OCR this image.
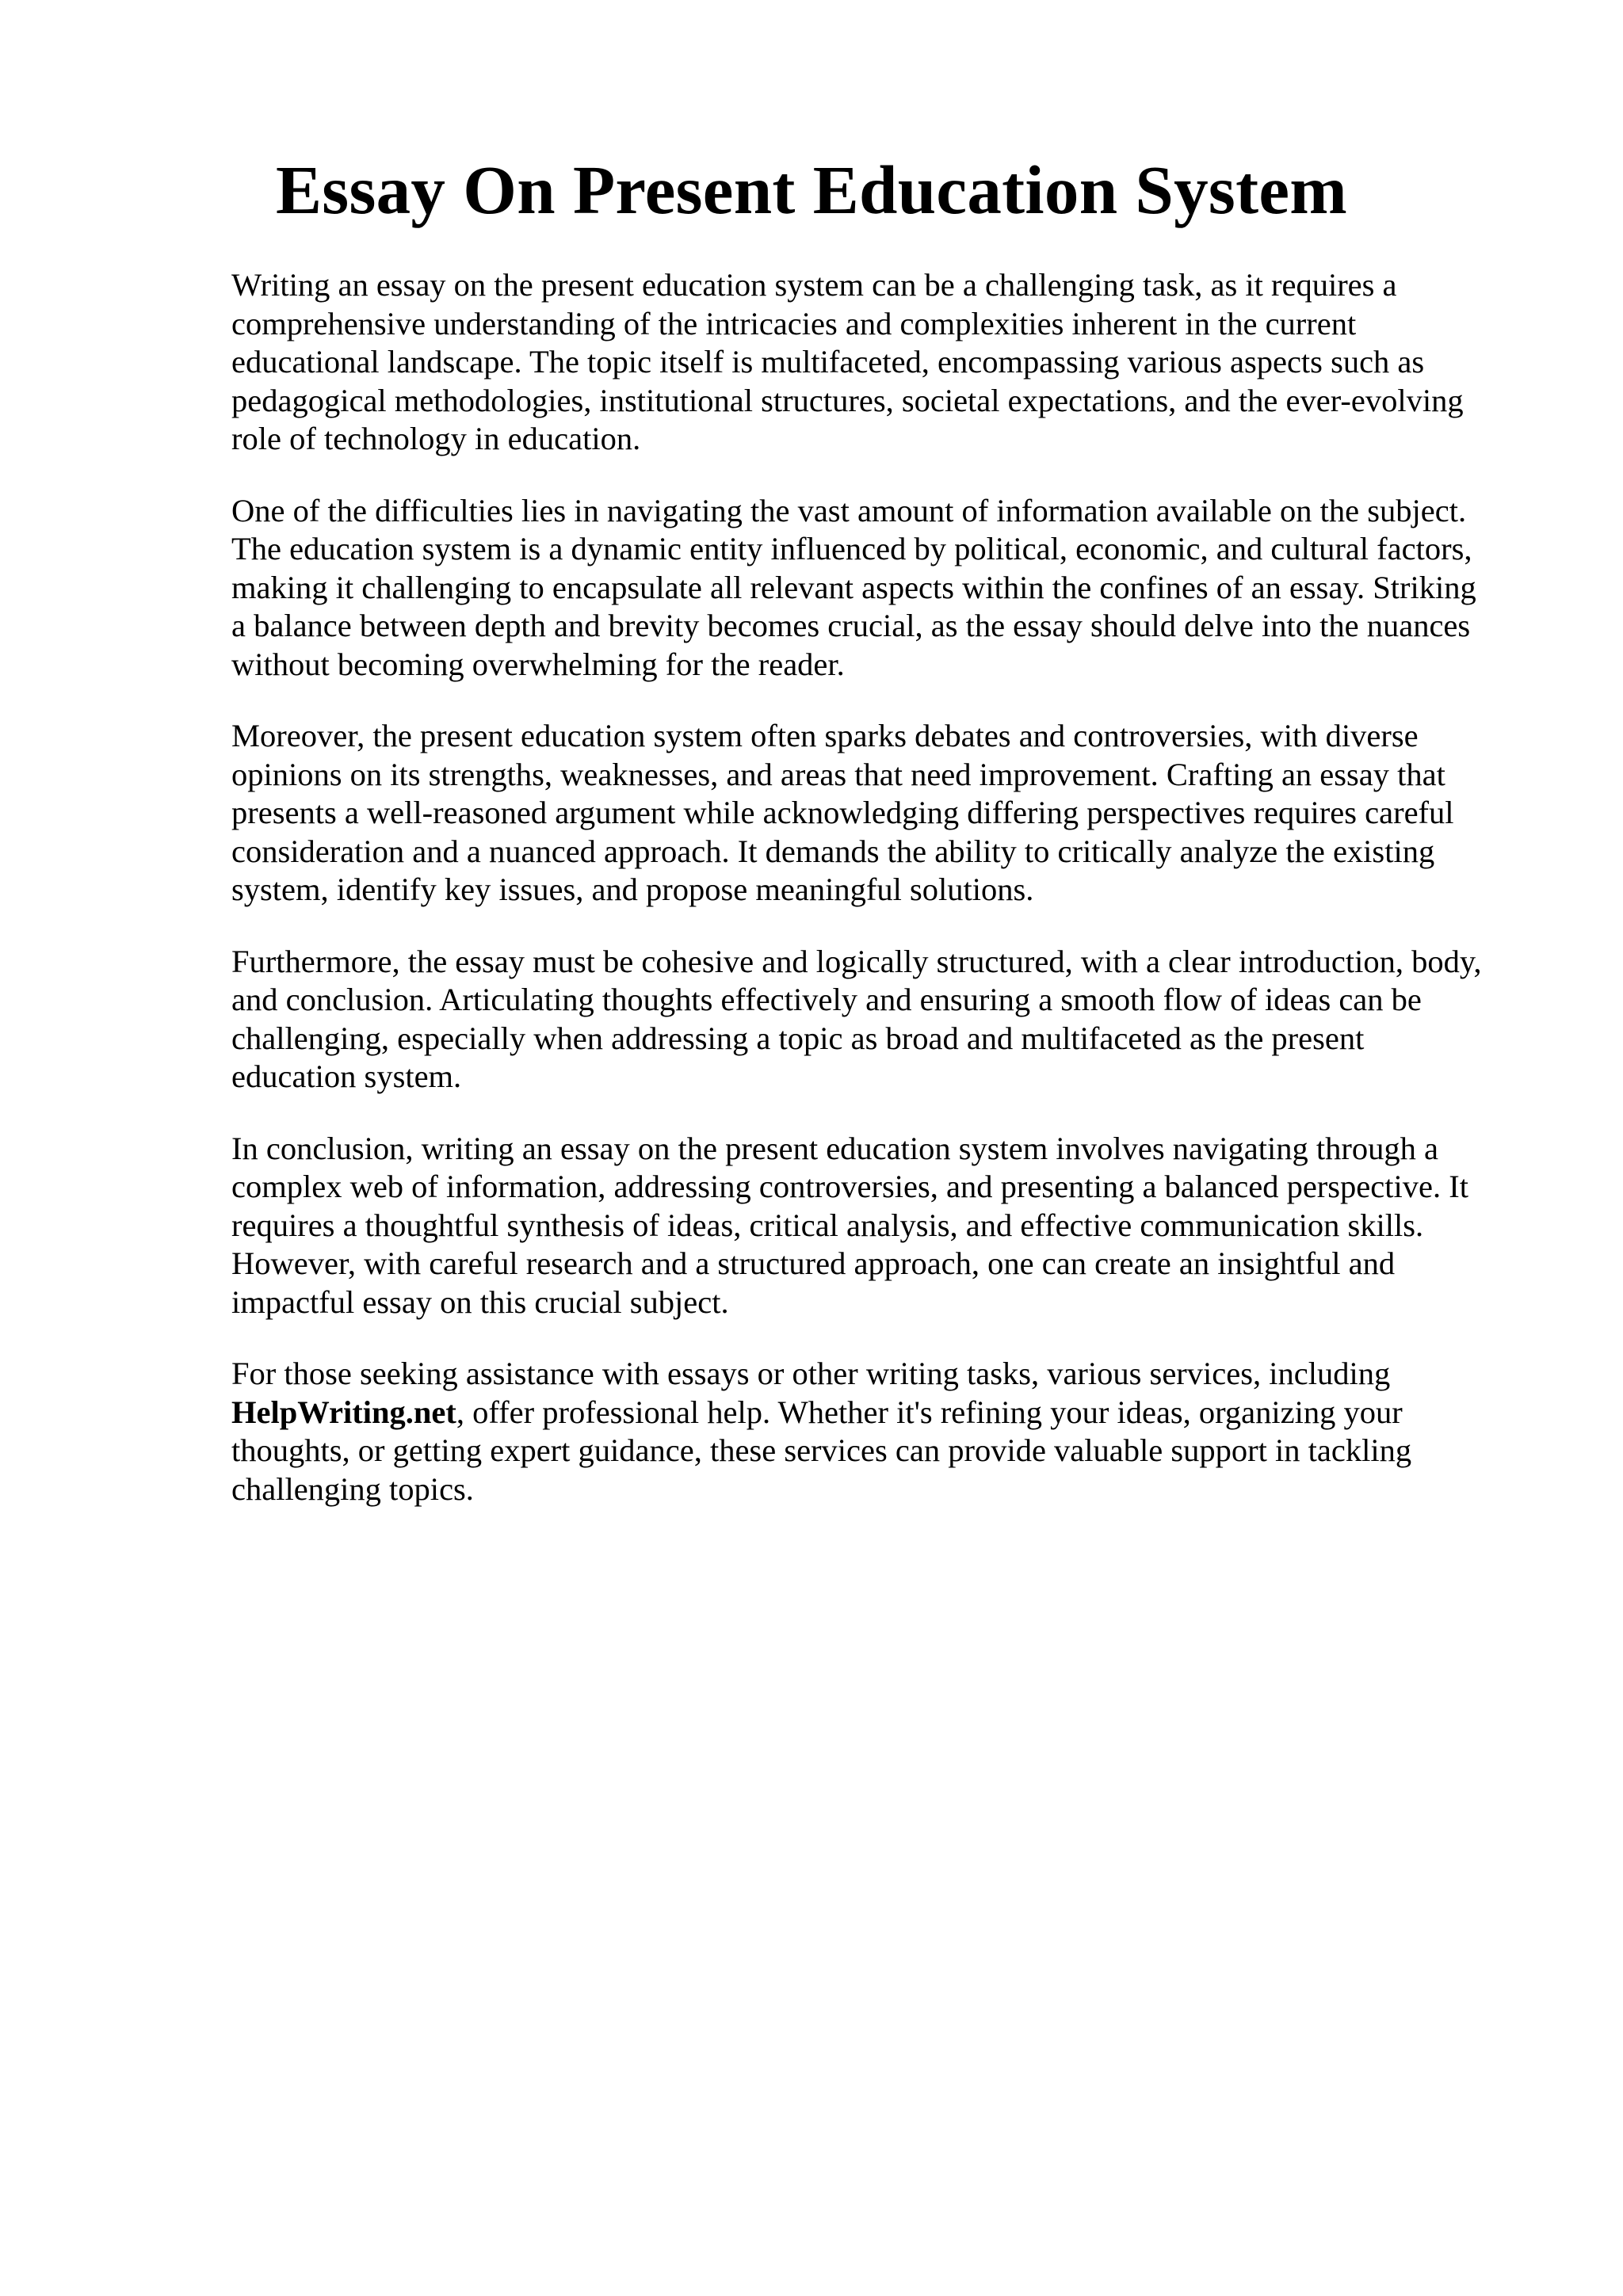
Essay On Present Education System

Writing an essay on the present education system can be a challenging task, as it requires a
comprehensive understanding of the intricacies and complexities inherent in the current
educational landscape. The topic itself is multifaceted, encompassing various aspects such as
pedagogical methodologies, institutional structures, societal expectations, and the ever-evolving
role of technology in education.

One of the difficulties lies in navigating the vast amount of information available on the subject.
The education system is a dynamic entity influenced by political, economic, and cultural factors,
making it challenging to encapsulate all relevant aspects within the confines of an essay. Striking
a balance between depth and brevity becomes crucial, as the essay should delve into the nuances
without becoming overwhelming for the reader.

Moreover, the present education system often sparks debates and controversies, with diverse
opinions on its strengths, weaknesses, and areas that need improvement. Crafting an essay that
presents a well-reasoned argument while acknowledging differing perspectives requires careful
consideration and a nuanced approach. It demands the ability to critically analyze the existing
system, identify key issues, and propose meaningful solutions.

Furthermore, the essay must be cohesive and logically structured, with a clear introduction, body,
and conclusion. Articulating thoughts effectively and ensuring a smooth flow of ideas can be
challenging, especially when addressing a topic as broad and multifaceted as the present
education system.

In conclusion, writing an essay on the present education system involves navigating through a
complex web of information, addressing controversies, and presenting a balanced perspective. It
requires a thoughtful synthesis of ideas, critical analysis, and effective communication skills.
However, with careful research and a structured approach, one can create an insightful and
impactful essay on this crucial subject.

For those seeking assistance with essays or other writing tasks, various services, including
HelpWriting.net, offer professional help. Whether it's refining your ideas, organizing your
thoughts, or getting expert guidance, these services can provide valuable support in tackling
challenging topics.
